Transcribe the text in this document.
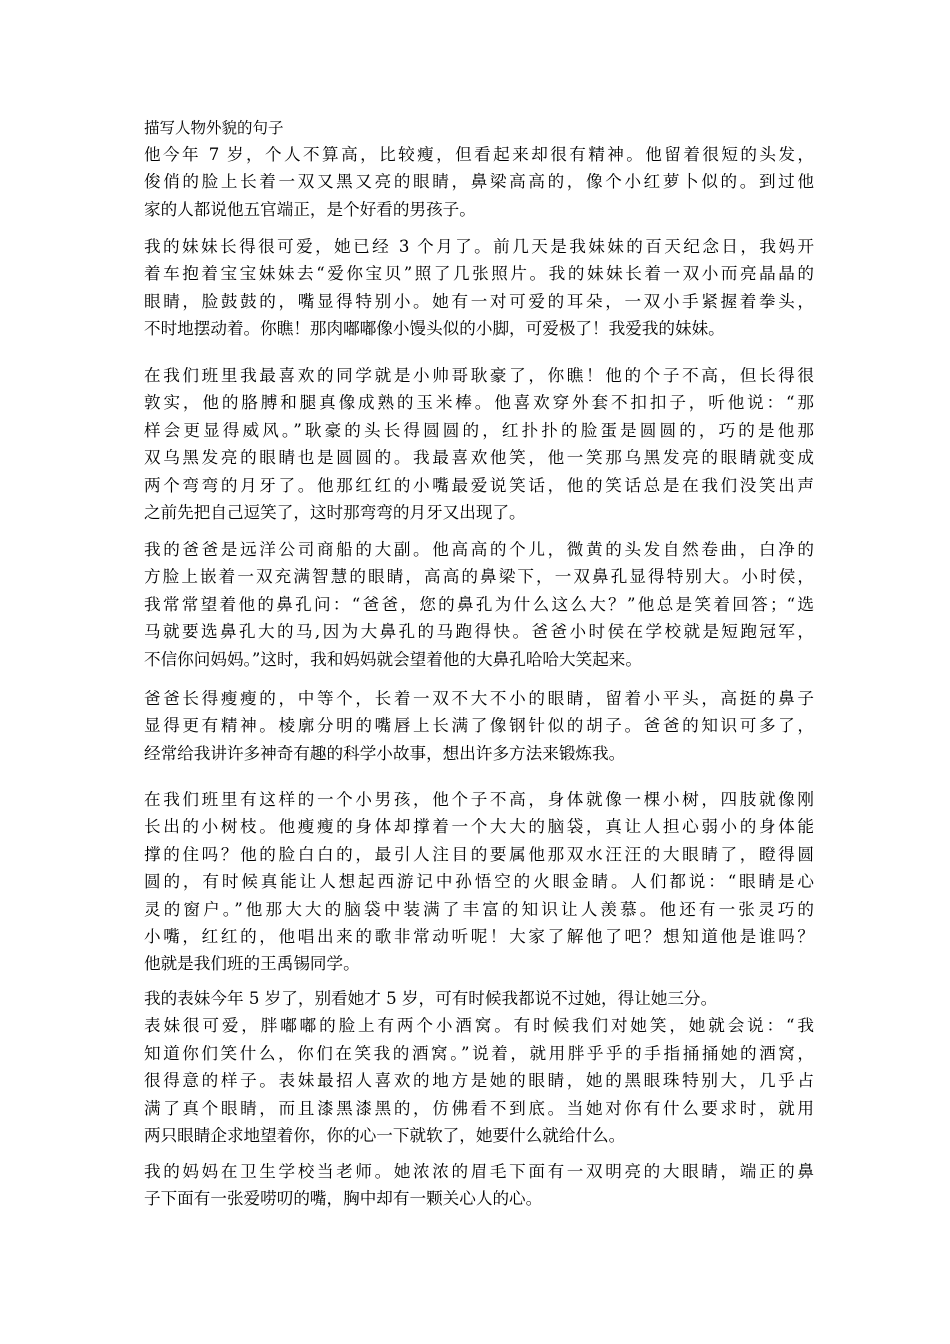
描写人物外貌的句子
他今年 7 岁，个人不算高，比较瘦，但看起来却很有精神。他留着很短的头发，
俊俏的脸上长着一双又黑又亮的眼睛，鼻梁高高的，像个小红萝卜似的。到过他
家的人都说他五官端正，是个好看的男孩子。
我的妹妹长得很可爱，她已经 3 个月了。前几天是我妹妹的百天纪念日，我妈开
着车抱着宝宝妹妹去“爱你宝贝”照了几张照片。我的妹妹长着一双小而亮晶晶的
眼睛，脸鼓鼓的，嘴显得特别小。她有一对可爱的耳朵，一双小手紧握着拳头，
不时地摆动着。你瞧！那肉嘟嘟像小馒头似的小脚，可爱极了！我爱我的妹妹。
在我们班里我最喜欢的同学就是小帅哥耿豪了，你瞧！他的个子不高，但长得很
敦实，他的胳膊和腿真像成熟的玉米棒。他喜欢穿外套不扣扣子，听他说：“那
样会更显得威风。”耿豪的头长得圆圆的，红扑扑的脸蛋是圆圆的，巧的是他那
双乌黑发亮的眼睛也是圆圆的。我最喜欢他笑，他一笑那乌黑发亮的眼睛就变成
两个弯弯的月牙了。他那红红的小嘴最爱说笑话，他的笑话总是在我们没笑出声
之前先把自己逗笑了，这时那弯弯的月牙又出现了。
我的爸爸是远洋公司商船的大副。他高高的个儿，微黄的头发自然卷曲，白净的
方脸上嵌着一双充满智慧的眼睛，高高的鼻梁下，一双鼻孔显得特别大。小时侯，
我常常望着他的鼻孔问：“爸爸，您的鼻孔为什么这么大？”他总是笑着回答；“选
马就要选鼻孔大的马,因为大鼻孔的马跑得快。爸爸小时侯在学校就是短跑冠军，
不信你问妈妈。”这时，我和妈妈就会望着他的大鼻孔哈哈大笑起来。
爸爸长得瘦瘦的，中等个，长着一双不大不小的眼睛，留着小平头，高挺的鼻子
显得更有精神。棱廓分明的嘴唇上长满了像钢针似的胡子。爸爸的知识可多了，
经常给我讲许多神奇有趣的科学小故事，想出许多方法来锻炼我。
在我们班里有这样的一个小男孩，他个子不高，身体就像一棵小树，四肢就像刚
长出的小树枝。他瘦瘦的身体却撑着一个大大的脑袋，真让人担心弱小的身体能
撑的住吗？他的脸白白的，最引人注目的要属他那双水汪汪的大眼睛了，瞪得圆
圆的，有时候真能让人想起西游记中孙悟空的火眼金睛。人们都说：“眼睛是心
灵的窗户。”他那大大的脑袋中装满了丰富的知识让人羡慕。他还有一张灵巧的
小嘴，红红的，他唱出来的歌非常动听呢！大家了解他了吧？想知道他是谁吗？
他就是我们班的王禹锡同学。
我的表妹今年 5 岁了，别看她才 5 岁，可有时候我都说不过她，得让她三分。
表妹很可爱，胖嘟嘟的脸上有两个小酒窝。有时候我们对她笑，她就会说：“我
知道你们笑什么，你们在笑我的酒窝。”说着，就用胖乎乎的手指捅捅她的酒窝，
很得意的样子。表妹最招人喜欢的地方是她的眼睛，她的黑眼珠特别大，几乎占
满了真个眼睛，而且漆黑漆黑的，仿佛看不到底。当她对你有什么要求时，就用
两只眼睛企求地望着你，你的心一下就软了，她要什么就给什么。
我的妈妈在卫生学校当老师。她浓浓的眉毛下面有一双明亮的大眼睛，端正的鼻
子下面有一张爱唠叨的嘴，胸中却有一颗关心人的心。
